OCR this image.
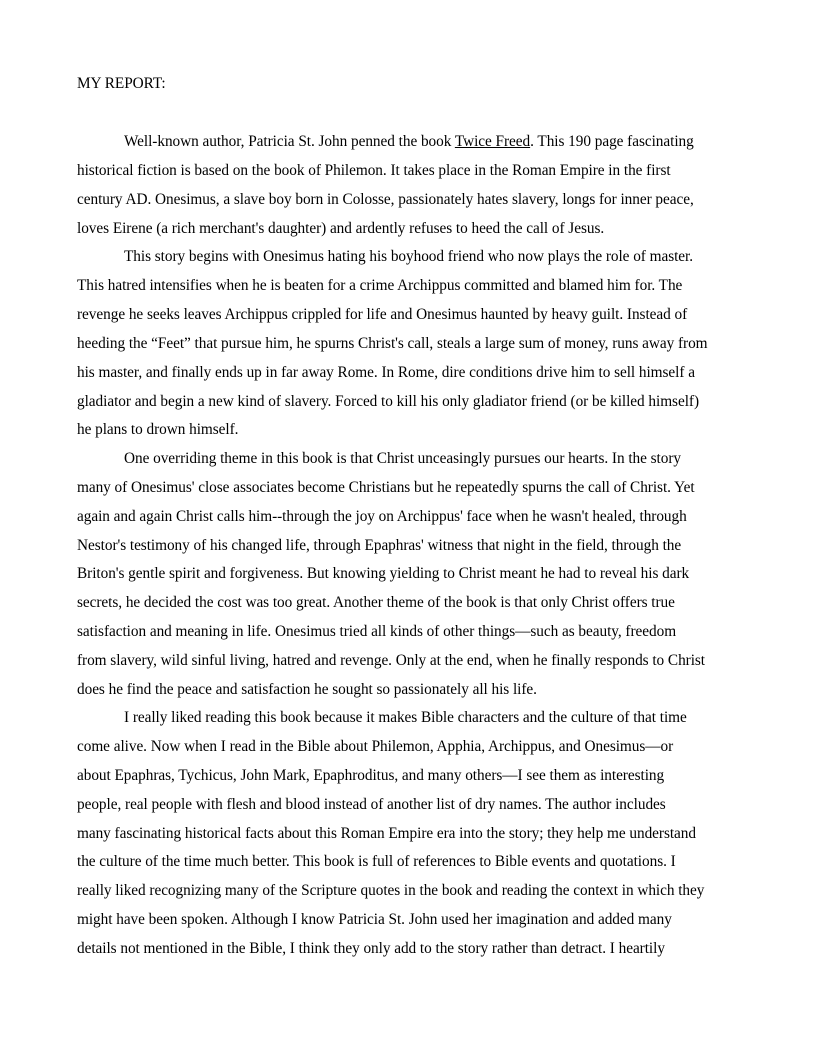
MY REPORT:
Well-known author, Patricia St. John penned the book Twice Freed. This 190 page fascinating
historical fiction is based on the book of Philemon. It takes place in the Roman Empire in the first
century AD. Onesimus, a slave boy born in Colosse, passionately hates slavery, longs for inner peace,
loves Eirene (a rich merchant's daughter) and ardently refuses to heed the call of Jesus.
This story begins with Onesimus hating his boyhood friend who now plays the role of master.
This hatred intensifies when he is beaten for a crime Archippus committed and blamed him for. The
revenge he seeks leaves Archippus crippled for life and Onesimus haunted by heavy guilt. Instead of
heeding the “Feet” that pursue him, he spurns Christ's call, steals a large sum of money, runs away from
his master, and finally ends up in far away Rome. In Rome, dire conditions drive him to sell himself a
gladiator and begin a new kind of slavery. Forced to kill his only gladiator friend (or be killed himself)
he plans to drown himself.
One overriding theme in this book is that Christ unceasingly pursues our hearts. In the story
many of Onesimus' close associates become Christians but he repeatedly spurns the call of Christ. Yet
again and again Christ calls him--through the joy on Archippus' face when he wasn't healed, through
Nestor's testimony of his changed life, through Epaphras' witness that night in the field, through the
Briton's gentle spirit and forgiveness. But knowing yielding to Christ meant he had to reveal his dark
secrets, he decided the cost was too great. Another theme of the book is that only Christ offers true
satisfaction and meaning in life. Onesimus tried all kinds of other things—such as beauty, freedom
from slavery, wild sinful living, hatred and revenge. Only at the end, when he finally responds to Christ
does he find the peace and satisfaction he sought so passionately all his life.
I really liked reading this book because it makes Bible characters and the culture of that time
come alive. Now when I read in the Bible about Philemon, Apphia, Archippus, and Onesimus—or
about Epaphras, Tychicus, John Mark, Epaphroditus, and many others—I see them as interesting
people, real people with flesh and blood instead of another list of dry names. The author includes
many fascinating historical facts about this Roman Empire era into the story; they help me understand
the culture of the time much better. This book is full of references to Bible events and quotations. I
really liked recognizing many of the Scripture quotes in the book and reading the context in which they
might have been spoken. Although I know Patricia St. John used her imagination and added many
details not mentioned in the Bible, I think they only add to the story rather than detract. I heartily
